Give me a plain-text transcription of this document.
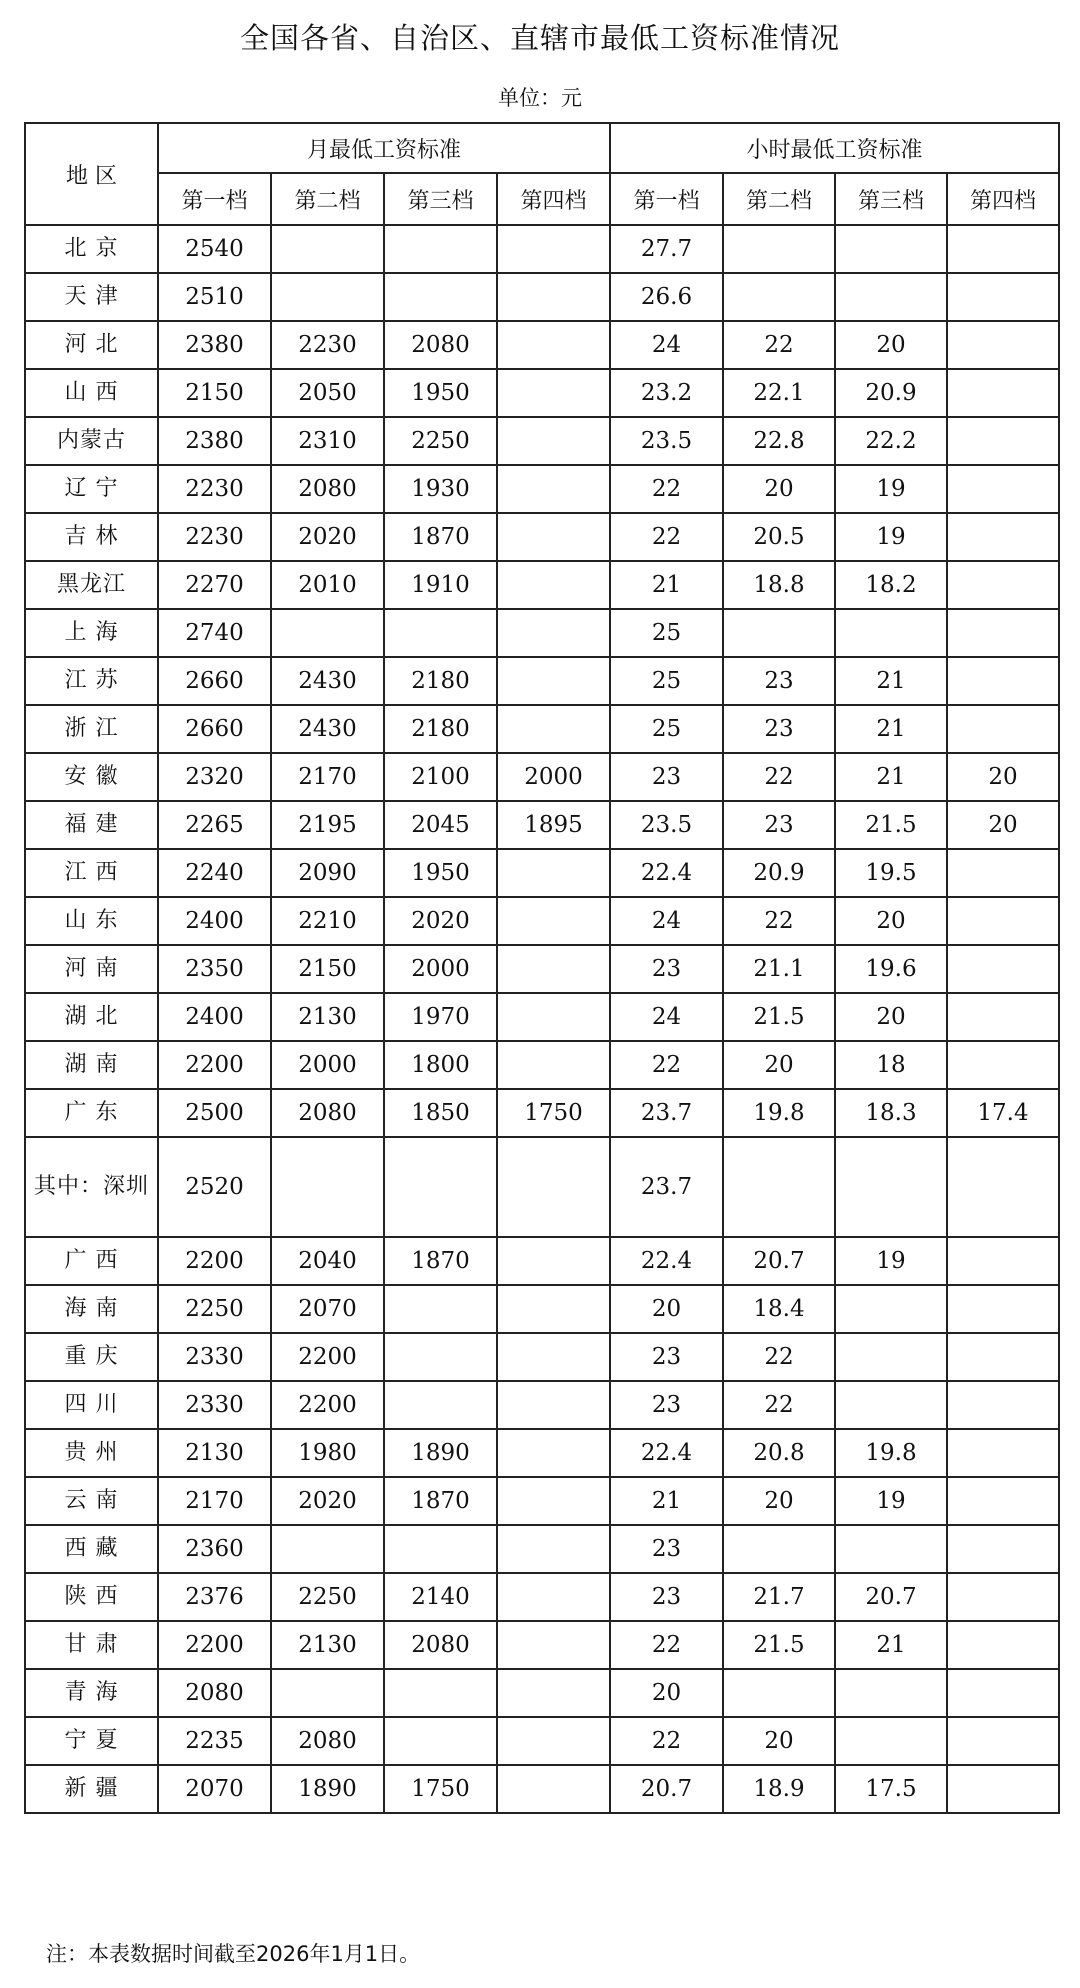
全国各省、自治区、直辖市最低工资标准情况
单位：元
地 区	月最低工资标准				小时最低工资标准			
	第一档	第二档	第三档	第四档	第一档	第二档	第三档	第四档
北 京	2540				27.7			
天 津	2510				26.6			
河 北	2380	2230	2080		24	22	20	
山 西	2150	2050	1950		23.2	22.1	20.9	
内蒙古	2380	2310	2250		23.5	22.8	22.2	
辽 宁	2230	2080	1930		22	20	19	
吉 林	2230	2020	1870		22	20.5	19	
黑龙江	2270	2010	1910		21	18.8	18.2	
上 海	2740				25			
江 苏	2660	2430	2180		25	23	21	
浙 江	2660	2430	2180		25	23	21	
安 徽	2320	2170	2100	2000	23	22	21	20
福 建	2265	2195	2045	1895	23.5	23	21.5	20
江 西	2240	2090	1950		22.4	20.9	19.5	
山 东	2400	2210	2020		24	22	20	
河 南	2350	2150	2000		23	21.1	19.6	
湖 北	2400	2130	1970		24	21.5	20	
湖 南	2200	2000	1800		22	20	18	
广 东	2500	2080	1850	1750	23.7	19.8	18.3	17.4
其中：深圳	2520				23.7			
广 西	2200	2040	1870		22.4	20.7	19	
海 南	2250	2070			20	18.4		
重 庆	2330	2200			23	22		
四 川	2330	2200			23	22		
贵 州	2130	1980	1890		22.4	20.8	19.8	
云 南	2170	2020	1870		21	20	19	
西 藏	2360				23			
陕 西	2376	2250	2140		23	21.7	20.7	
甘 肃	2200	2130	2080		22	21.5	21	
青 海	2080				20			
宁 夏	2235	2080			22	20		
新 疆	2070	1890	1750		20.7	18.9	17.5	
注：本表数据时间截至2026年1月1日。
